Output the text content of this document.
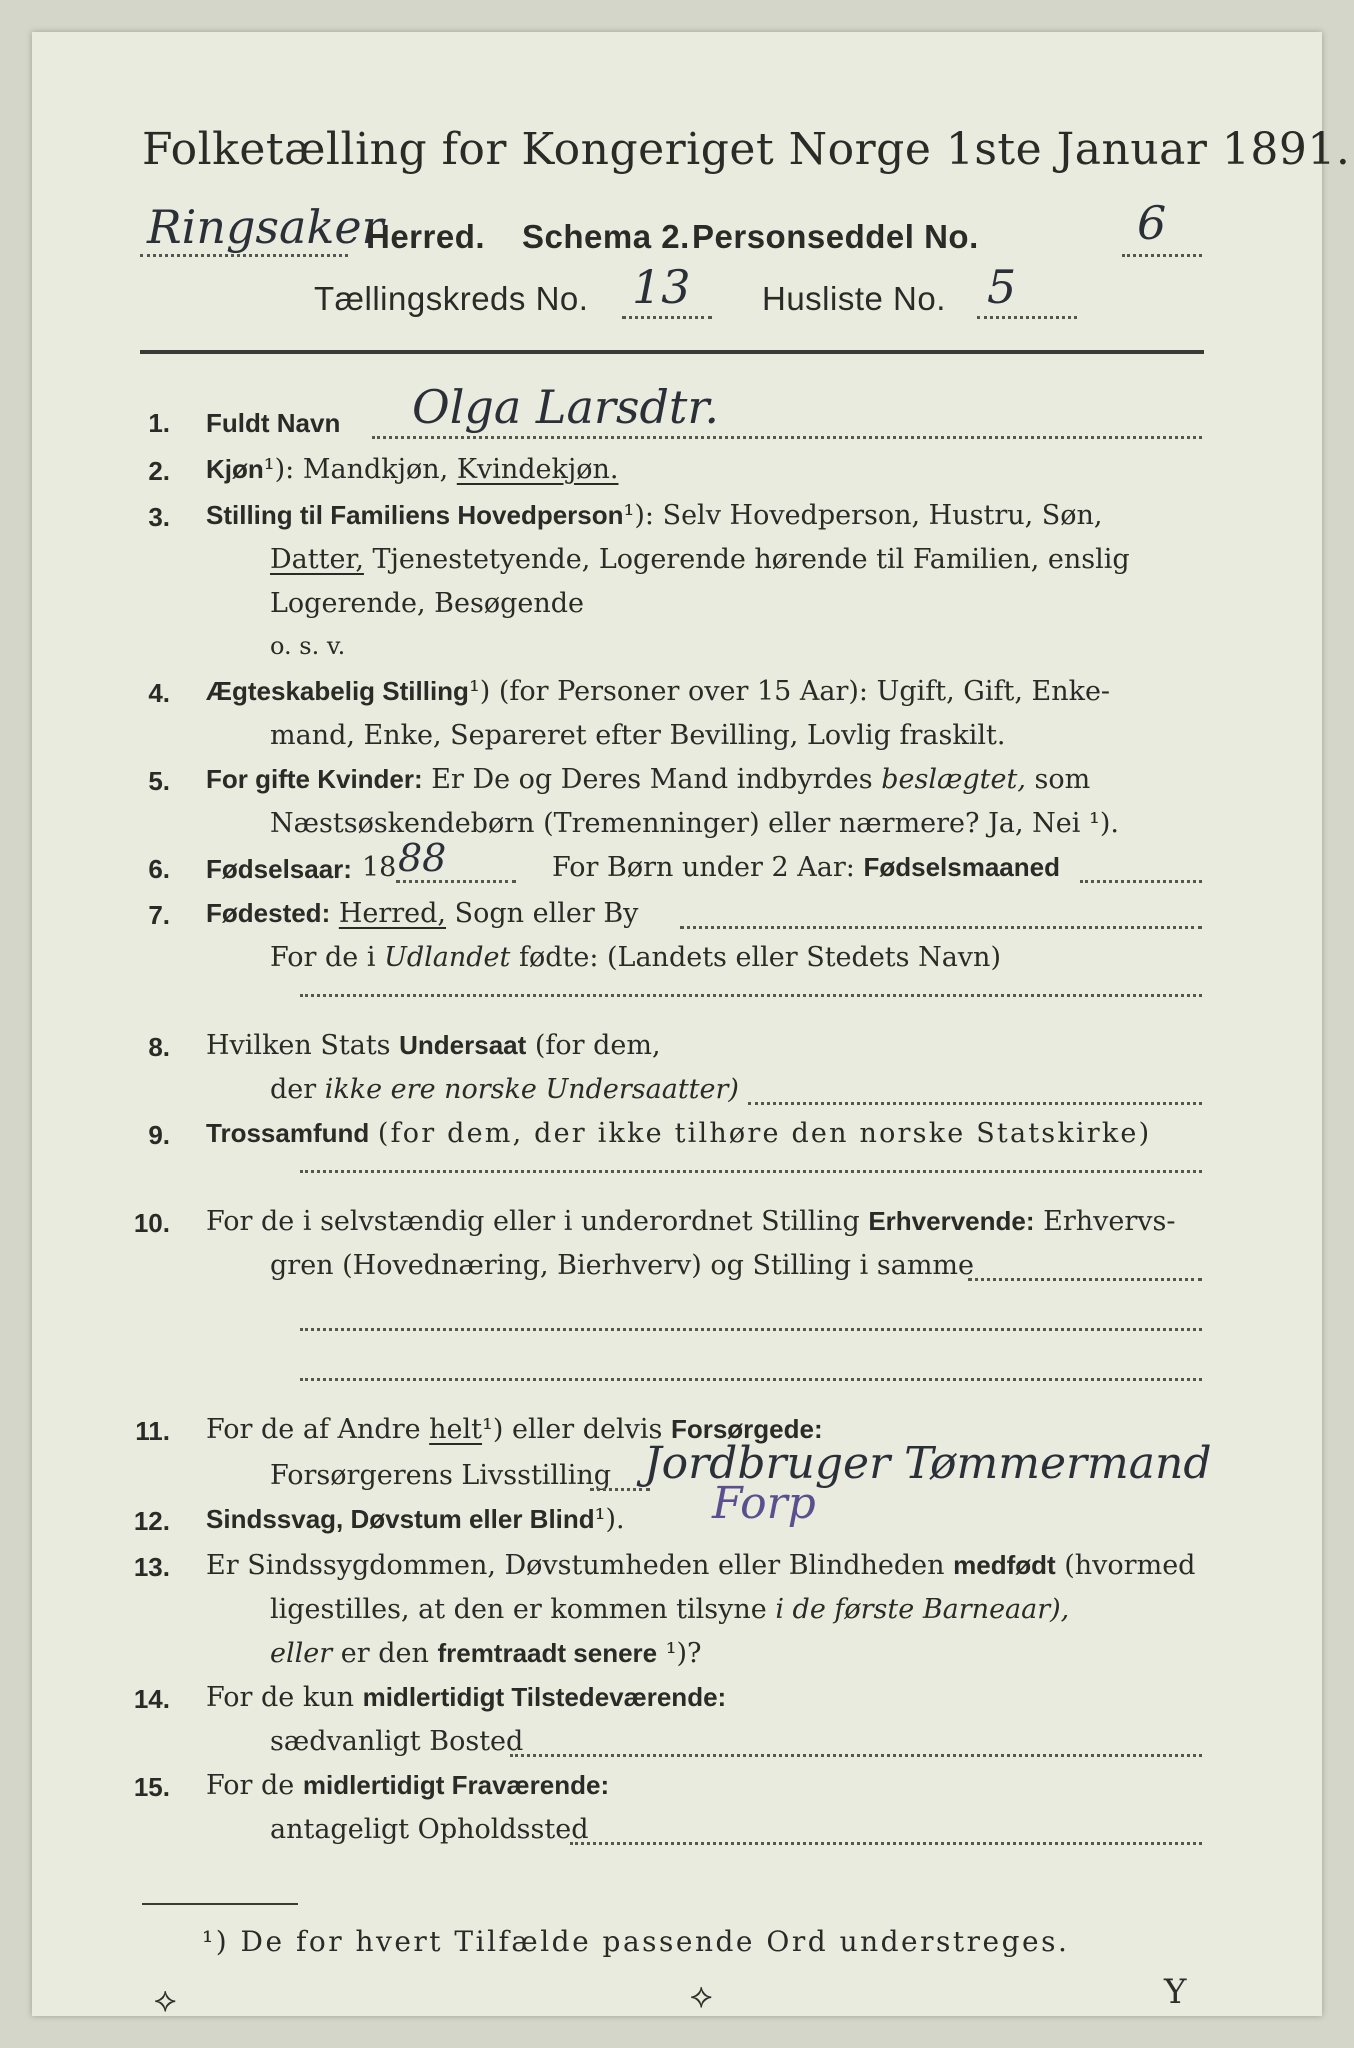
Folketælling for Kongeriget Norge 1ste Januar 1891.
Ringsaker
Herred. Schema 2. Personseddel No.	6
Tællingskreds No. 13 Husliste No. 5
1. Fuldt Navn Olga Larsdtr.
2. Kjøn¹): Mandkjøn, Kvindekjøn.
3. Stilling til Familiens Hovedperson¹): Selv Hovedperson, Hustru, Søn,
Datter, Tjenestetyende, Logerende hørende til Familien, enslig
Logerende, Besøgende
o. s. v.
4. Ægteskabelig Stilling¹) (for Personer over 15 Aar): Ugift, Gift, Enke-
mand, Enke, Separeret efter Bevilling, Lovlig fraskilt.
5. For gifte Kvinder: Er De og Deres Mand indbyrdes beslægtet, som
Næstsøskendebørn (Tremenninger) eller nærmere? Ja, Nei ¹).
6. Fødselsaar: 18 88	For Børn under 2 Aar: Fødselsmaaned
7. Fødested: Herred, Sogn eller By
For de i Udlandet fødte: (Landets eller Stedets Navn)
8. Hvilken Stats Undersaat (for dem,
der ikke ere norske Undersaatter)
9. Trossamfund (for dem, der ikke tilhøre den norske Statskirke)
10. For de i selvstændig eller i underordnet Stilling Erhvervende: Erhvervs-
gren (Hovednæring, Bierhverv) og Stilling i samme
11. For de af Andre helt¹) eller delvis Forsørgede:
Forsørgerens Livsstilling Jordbruger Tømmermand
12. Sindssvag, Døvstum eller Blind¹). Forp
13. Er Sindssygdommen, Døvstumheden eller Blindheden medfødt (hvormed
ligestilles, at den er kommen tilsyne i de første Barneaar),
eller er den fremtraadt senere ¹)?
14. For de kun midlertidigt Tilstedeværende:
sædvanligt Bosted
15. For de midlertidigt Fraværende:
antageligt Opholdssted
¹) De for hvert Tilfælde passende Ord understreges.
⟡	⟡	Y
